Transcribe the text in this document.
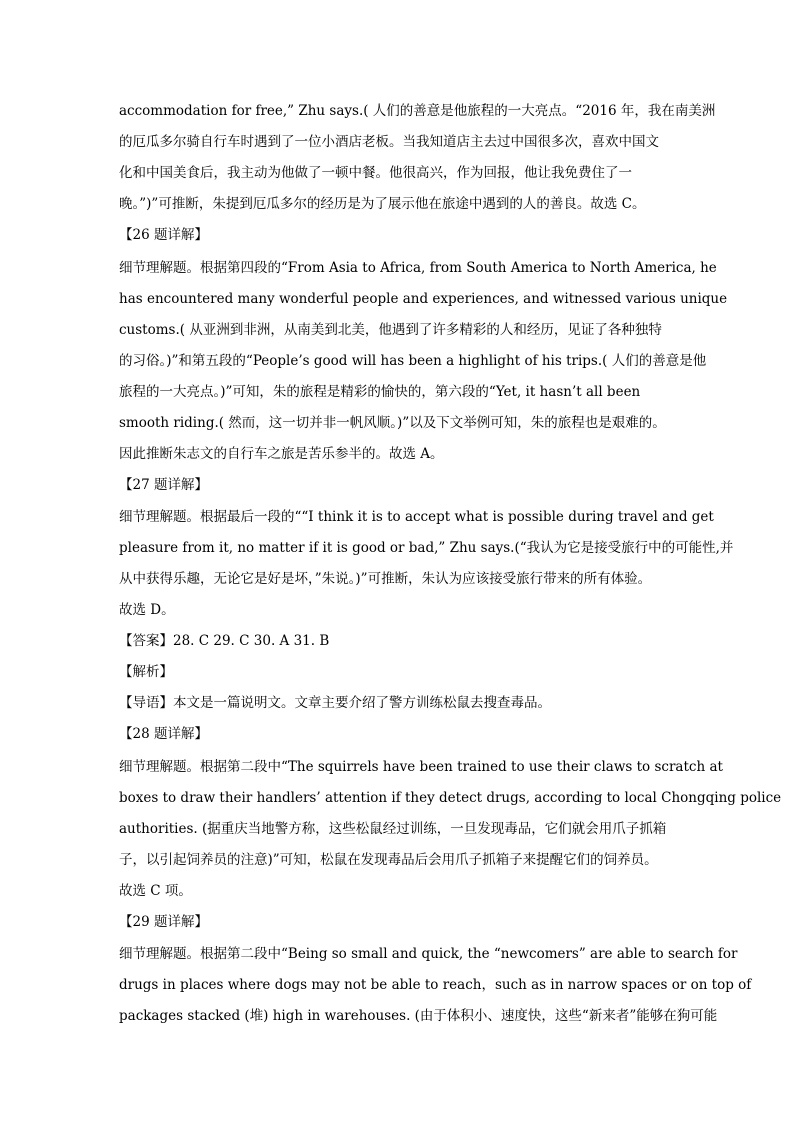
accommodation for free,” Zhu says.( 人们的善意是他旅程的一大亮点。“2016 年，我在南美洲
的厄瓜多尔骑自行车时遇到了一位小酒店老板。当我知道店主去过中国很多次，喜欢中国文
化和中国美食后，我主动为他做了一顿中餐。他很高兴，作为回报，他让我免费住了一
晚。”)”可推断，朱提到厄瓜多尔的经历是为了展示他在旅途中遇到的人的善良。故选 C。
【26 题详解】
细节理解题。根据第四段的“From Asia to Africa, from South America to North America, he
has encountered many wonderful people and experiences, and witnessed various unique
customs.( 从亚洲到非洲，从南美到北美，他遇到了许多精彩的人和经历，见证了各种独特
的习俗。)”和第五段的“People’s good will has been a highlight of his trips.( 人们的善意是他
旅程的一大亮点。)”可知，朱的旅程是精彩的愉快的，第六段的“Yet, it hasn’t all been
smooth riding.( 然而，这一切并非一帆风顺。)”以及下文举例可知，朱的旅程也是艰难的。
因此推断朱志文的自行车之旅是苦乐参半的。故选 A。
【27 题详解】
细节理解题。根据最后一段的““I think it is to accept what is possible during travel and get
pleasure from it, no matter if it is good or bad,” Zhu says.(“我认为它是接受旅行中的可能性,并
从中获得乐趣，无论它是好是坏，”朱说。)”可推断，朱认为应该接受旅行带来的所有体验。
故选 D。
【答案】28. C 29. C 30. A 31. B
【解析】
【导语】本文是一篇说明文。文章主要介绍了警方训练松鼠去搜查毒品。
【28 题详解】
细节理解题。根据第二段中“The squirrels have been trained to use their claws to scratch at
boxes to draw their handlers’ attention if they detect drugs, according to local Chongqing police
authorities. (据重庆当地警方称，这些松鼠经过训练，一旦发现毒品，它们就会用爪子抓箱
子，以引起饲养员的注意)”可知，松鼠在发现毒品后会用爪子抓箱子来提醒它们的饲养员。
故选 C 项。
【29 题详解】
细节理解题。根据第二段中“Being so small and quick, the “newcomers” are able to search for
drugs in places where dogs may not be able to reach，such as in narrow spaces or on top of
packages stacked (堆) high in warehouses. (由于体积小、速度快，这些“新来者”能够在狗可能
